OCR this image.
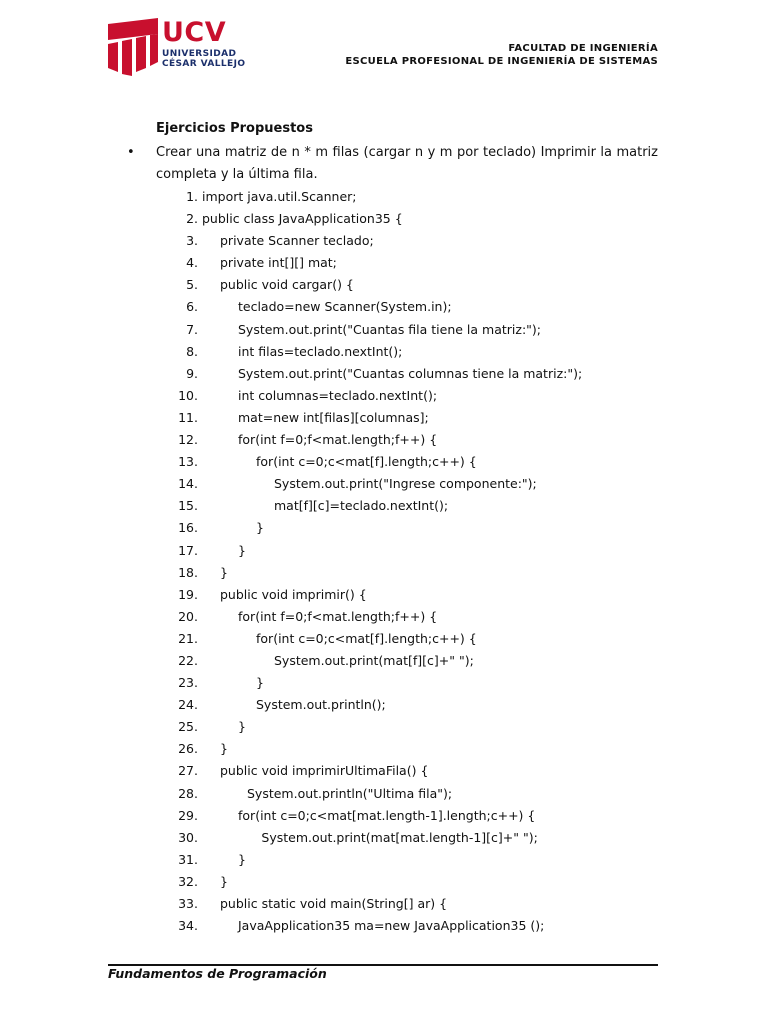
UCV
UNIVERSIDAD
CÉSAR VALLEJO
FACULTAD DE INGENIERÍA
ESCUELA PROFESIONAL DE INGENIERÍA DE SISTEMAS
Ejercicios Propuestos
• Crear una matriz de n * m filas (cargar n y m por teclado) Imprimir la matriz completa y la última fila.
1. import java.util.Scanner;
2. public class JavaApplication35 {
3. private Scanner teclado;
4. private int[][] mat;
5. public void cargar() {
6.	teclado=new Scanner(System.in);
7.	System.out.print("Cuantas fila tiene la matriz:");
8.	int filas=teclado.nextInt();
9.	System.out.print("Cuantas columnas tiene la matriz:");
10.	int columnas=teclado.nextInt();
11.	mat=new int[filas][columnas];
12.	for(int f=0;f<mat.length;f++) {
13.	for(int c=0;c<mat[f].length;c++) {
14.	System.out.print("Ingrese componente:");
15.	mat[f][c]=teclado.nextInt();
16.	}
17.	}
18. }
19. public void imprimir() {
20.	for(int f=0;f<mat.length;f++) {
21.	for(int c=0;c<mat[f].length;c++) {
22.	System.out.print(mat[f][c]+" ");
23.	}
24.	System.out.println();
25.	}
26. }
27. public void imprimirUltimaFila() {
28.	System.out.println("Ultima fila");
29.	for(int c=0;c<mat[mat.length-1].length;c++) {
30.	System.out.print(mat[mat.length-1][c]+" ");
31.	}
32. }
33. public static void main(String[] ar) {
34.	JavaApplication35 ma=new JavaApplication35 ();
Fundamentos de Programación
